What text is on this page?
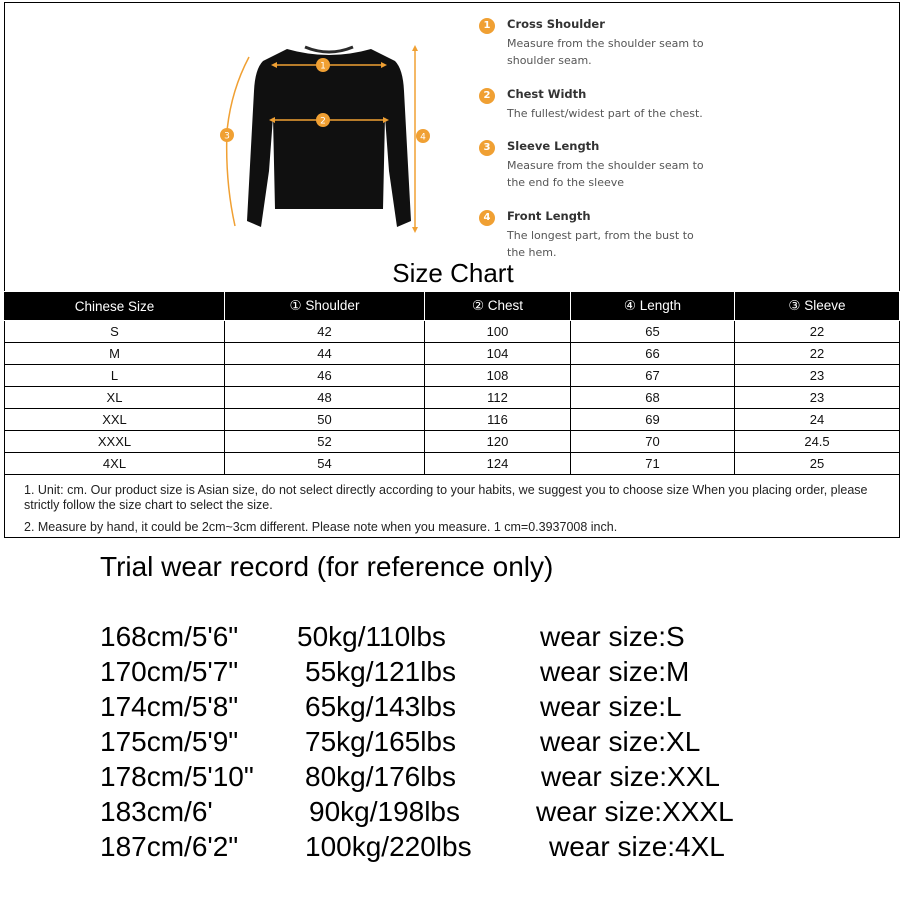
1
2
3	4
1	Cross Shoulder
Measure from the shoulder seam to shoulder seam.
2	Chest Width
The fullest/widest part of the chest.
3	Sleeve Length
Measure from the shoulder seam to the end fo the sleeve
4	Front Length
The longest part, from the bust to the hem.
Size Chart
Chinese Size	① Shoulder	② Chest	④ Length	③ Sleeve
S	42	100	65	22
M	44	104	66	22
L	46	108	67	23
XL	48	112	68	23
XXL	50	116	69	24
XXXL	52	120	70	24.5
4XL	54	124	71	25

1. Unit: cm. Our product size is Asian size, do not select directly according to your habits, we suggest you to choose size When you placing order, please strictly follow the size chart to select the size.

2. Measure by hand, it could be 2cm~3cm different. Please note when you measure. 1 cm=0.3937008 inch.

Trial wear record (for reference only)
168cm/5'6" 50kg/110lbs	wear size:S
170cm/5'7" 55kg/121lbs	wear size:M
174cm/5'8" 65kg/143lbs	wear size:L
175cm/5'9" 75kg/165lbs	wear size:XL
178cm/5'10" 80kg/176lbs	wear size:XXL
183cm/6'	90kg/198lbs	wear size:XXXL
187cm/6'2" 100kg/220lbs	wear size:4XL
